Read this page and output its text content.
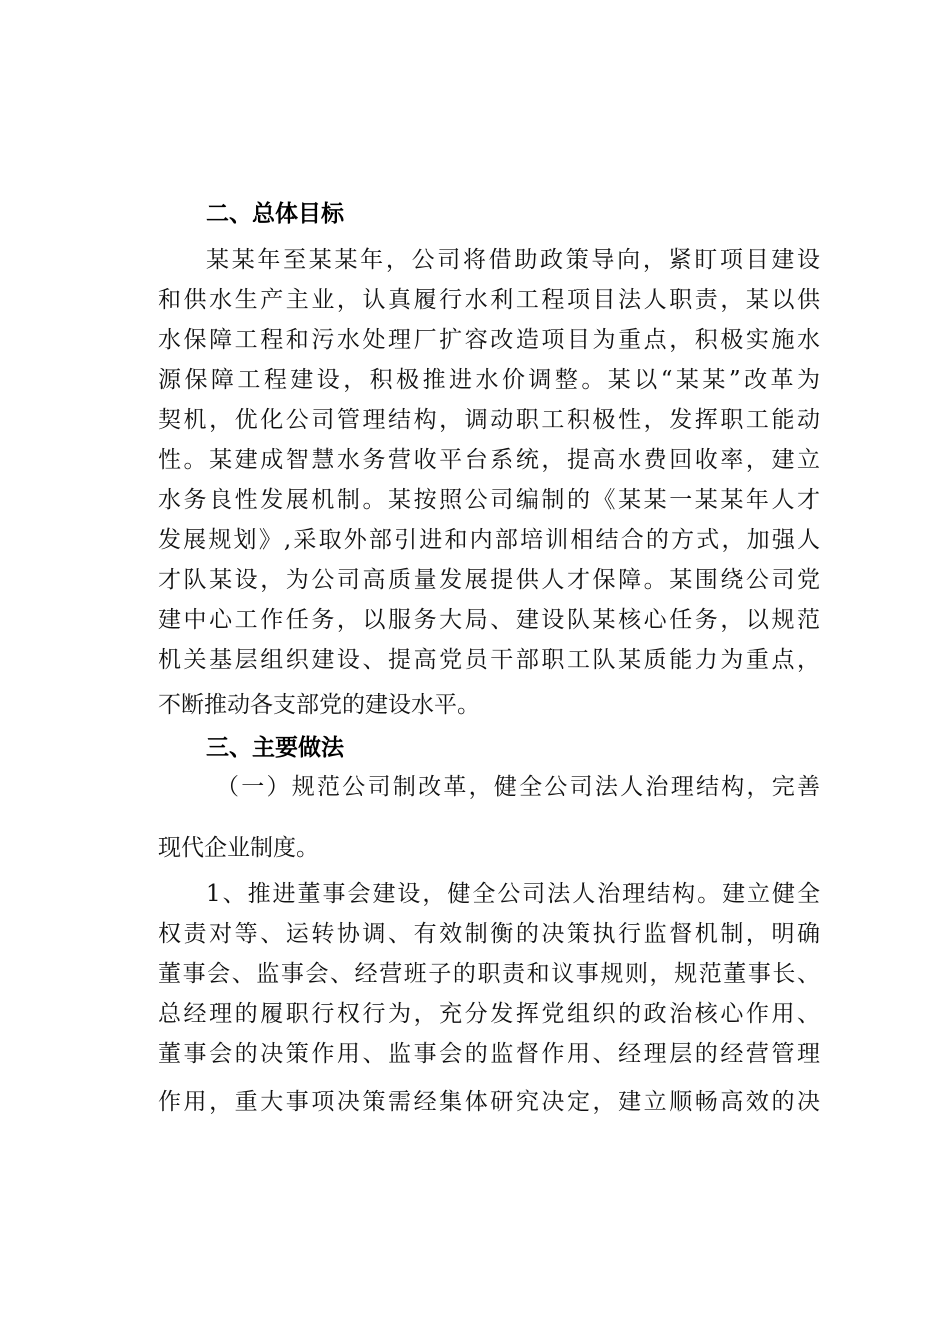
二、总体目标
某某年至某某年，公司将借助政策导向，紧盯项目建设
和供水生产主业，认真履行水利工程项目法人职责，某以供
水保障工程和污水处理厂扩容改造项目为重点，积极实施水
源保障工程建设，积极推进水价调整。某以“某某”改革为
契机，优化公司管理结构，调动职工积极性，发挥职工能动
性。某建成智慧水务营收平台系统，提高水费回收率，建立
水务良性发展机制。某按照公司编制的《某某一某某年人才
发展规划》,采取外部引进和内部培训相结合的方式，加强人
才队某设，为公司高质量发展提供人才保障。某围绕公司党
建中心工作任务，以服务大局、建设队某核心任务，以规范
机关基层组织建设、提高党员干部职工队某质能力为重点，
不断推动各支部党的建设水平。
三、主要做法
（一）规范公司制改革，健全公司法人治理结构，完善
现代企业制度。
1、推进董事会建设，健全公司法人治理结构。建立健全
权责对等、运转协调、有效制衡的决策执行监督机制，明确
董事会、监事会、经营班子的职责和议事规则，规范董事长、
总经理的履职行权行为，充分发挥党组织的政治核心作用、
董事会的决策作用、监事会的监督作用、经理层的经营管理
作用，重大事项决策需经集体研究决定，建立顺畅高效的决
